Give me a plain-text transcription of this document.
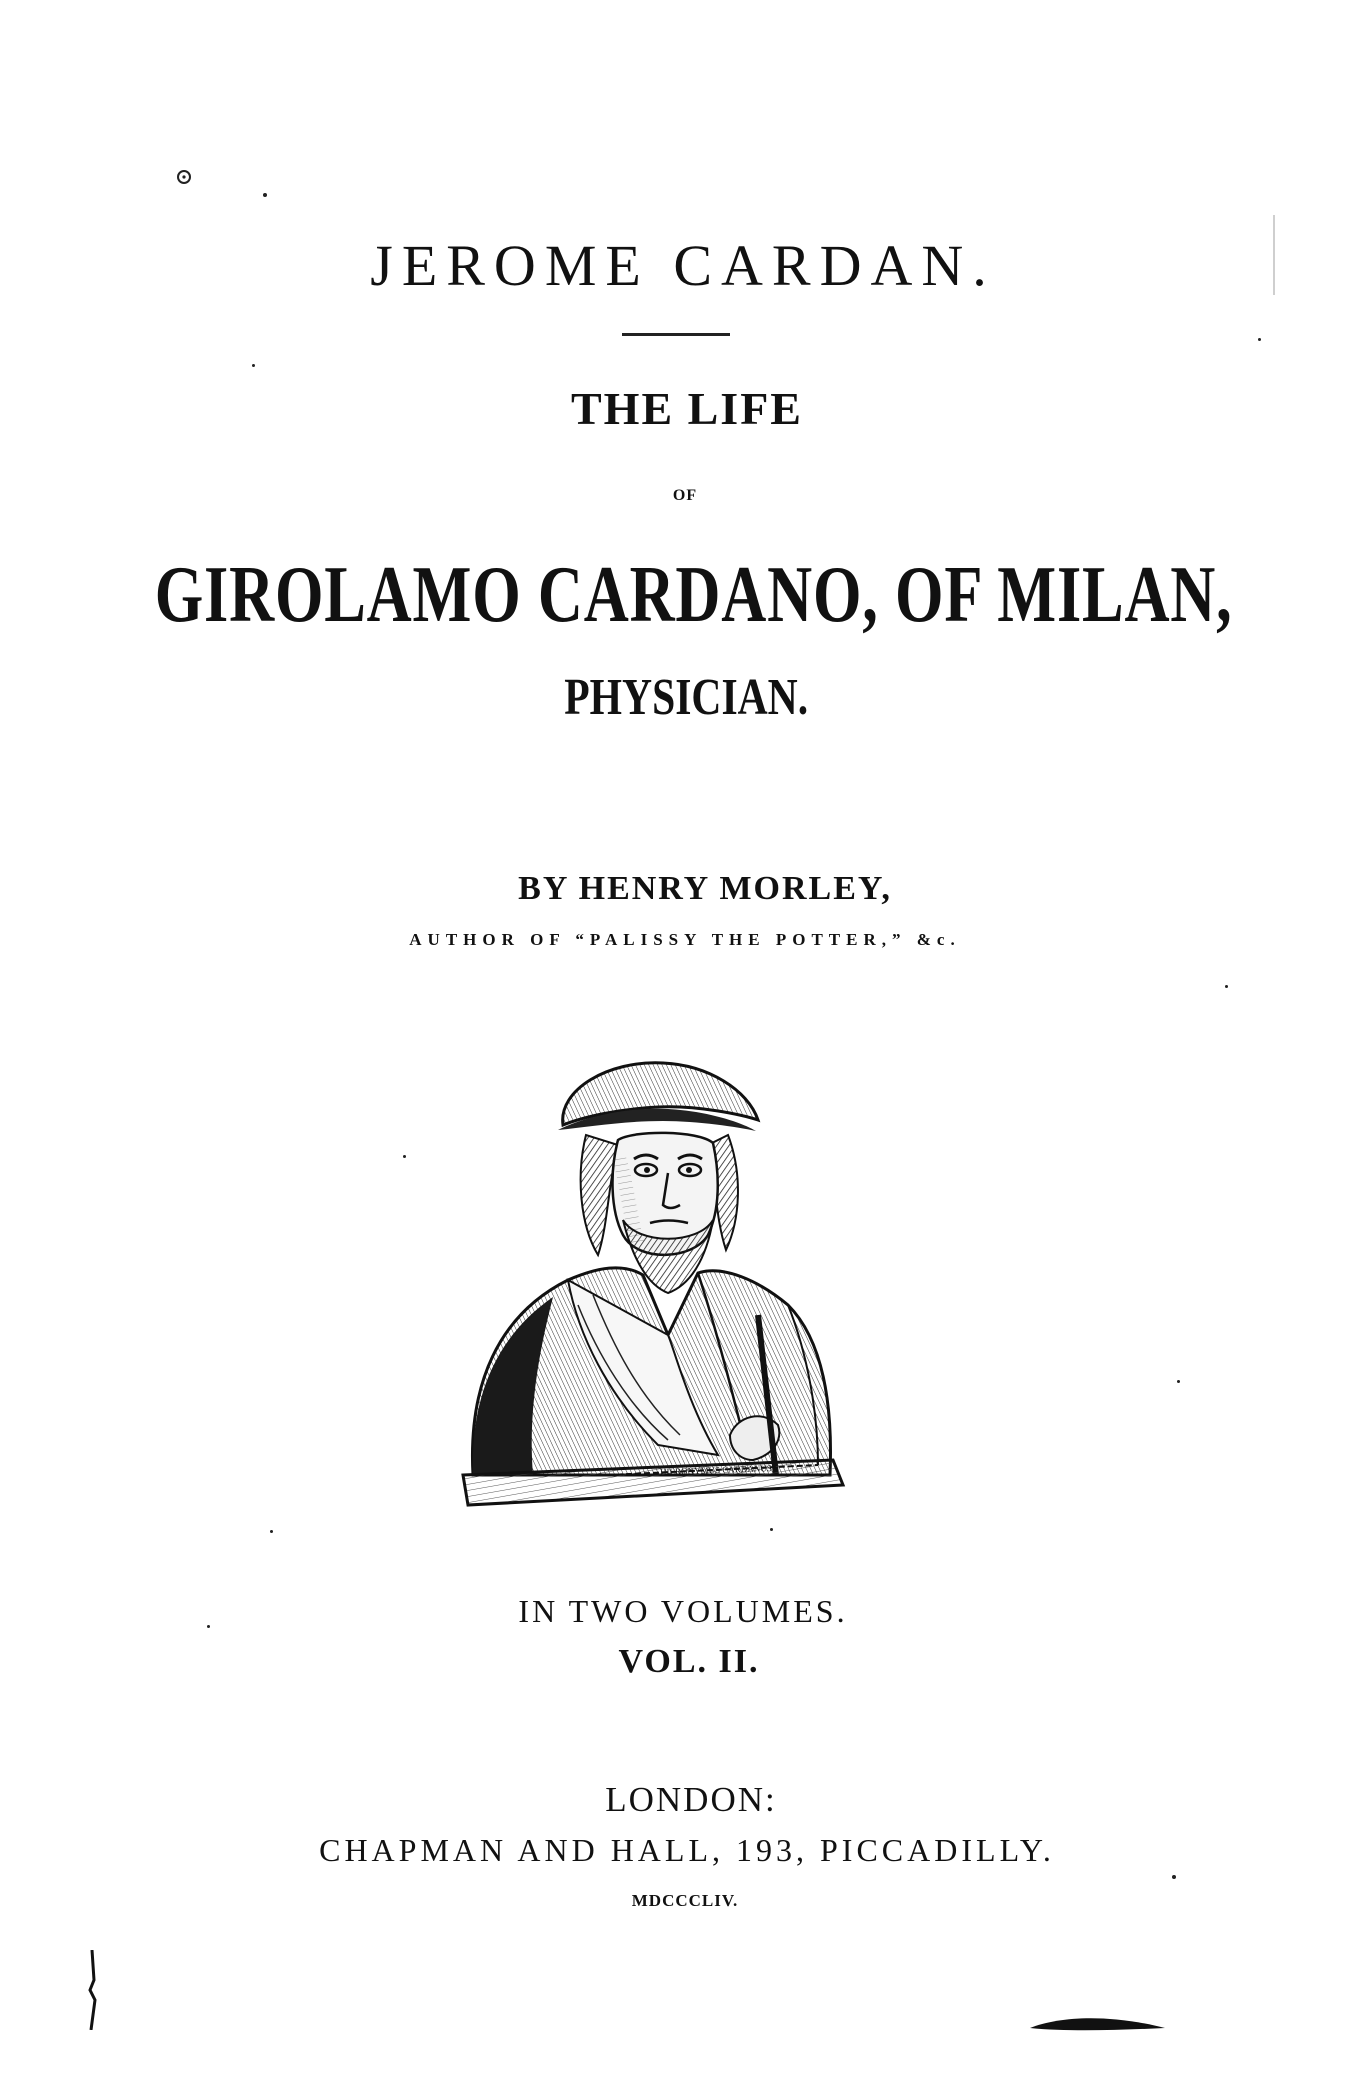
JEROME CARDAN.
THE LIFE
OF
GIROLAMO CARDANO, OF MILAN,
PHYSICIAN.
BY HENRY MORLEY,
AUTHOR OF “PALISSY THE POTTER,” &c.
HIERONYMUS CARDANUS
IN TWO VOLUMES.
VOL. II.
LONDON:
CHAPMAN AND HALL, 193, PICCADILLY.
MDCCCLIV.
